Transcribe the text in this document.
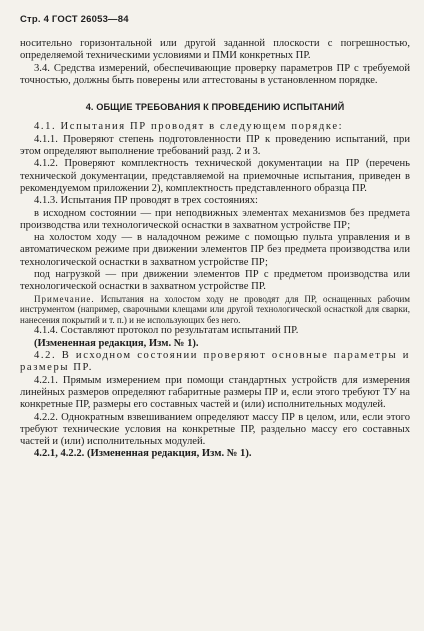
Стр. 4 ГОСТ 26053—84

носительно горизонтальной или другой заданной плоскости с погрешностью, определяемой техническими условиями и ПМИ конкретных ПР.

3.4. Средства измерений, обеспечивающие проверку параметров ПР с требуемой точностью, должны быть поверены или аттестованы в установленном порядке.

4. ОБЩИЕ ТРЕБОВАНИЯ К ПРОВЕДЕНИЮ ИСПЫТАНИЙ

4.1. Испытания ПР проводят в следующем порядке:

4.1.1. Проверяют степень подготовленности ПР к проведению испытаний, при этом определяют выполнение требований разд. 2 и 3.

4.1.2. Проверяют комплектность технической документации на ПР (перечень технической документации, представляемой на приемочные испытания, приведен в рекомендуемом приложении 2), комплектность представленного образца ПР.

4.1.3. Испытания ПР проводят в трех состояниях:

в исходном состоянии — при неподвижных элементах механизмов без предмета производства или технологической оснастки в захватном устройстве ПР;

на холостом ходу — в наладочном режиме с помощью пульта управления и в автоматическом режиме при движении элементов ПР без предмета производства или технологической оснастки в захватном устройстве ПР;

под нагрузкой — при движении элементов ПР с предметом производства или технологической оснастки в захватном устройстве ПР.

Примечание. Испытания на холостом ходу не проводят для ПР, оснащенных рабочим инструментом (например, сварочными клещами или другой технологической оснасткой для сварки, нанесения покрытий и т. п.) и не использующих без него.

4.1.4. Составляют протокол по результатам испытаний ПР.

(Измененная редакция, Изм. № 1).

4.2. В исходном состоянии проверяют основные параметры и размеры ПР.

4.2.1. Прямым измерением при помощи стандартных устройств для измерения линейных размеров определяют габаритные размеры ПР и, если этого требуют ТУ на конкретные ПР, размеры его составных частей и (или) исполнительных модулей.

4.2.2. Однократным взвешиванием определяют массу ПР в целом, или, если этого требуют технические условия на конкретные ПР, раздельно массу его составных частей и (или) исполнительных модулей.

4.2.1, 4.2.2. (Измененная редакция, Изм. № 1).
